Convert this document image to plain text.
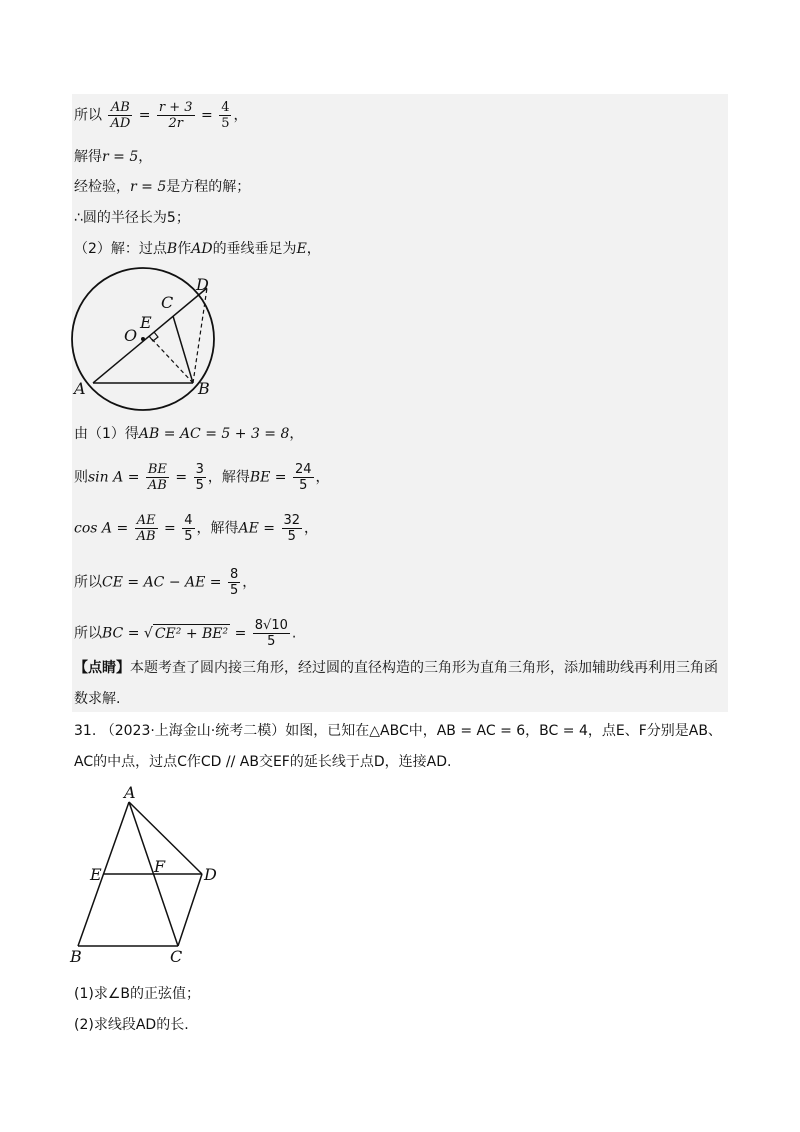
所以 $\frac{AB}{AD} = \frac{r + 3}{2r} = \frac{4}{5}$ ，
解得r = 5，
经检验，r = 5是方程的解；
∴圆的半径长为5；
（2）解：过点B作AD的垂线垂足为E，
A	B
C
D
E
O
由（1）得AB = AC = 5 + 3 = 8，
则$\sin A = \frac{BE}{AB} = \frac{3}{5}$ ，解得BE = $\frac{24}{5}$ ，
$\cos A = \frac{AE}{AB} = \frac{4}{5}$ ，解得AE = $\frac{32}{5}$ ，
所以CE = AC − AE = $\frac{8}{5}$ ，
所以BC = √ $CE^2 + BE^2 = \frac{8√10}{5}$ .
【点睛】本题考查了圆内接三角形，经过圆的直径构造的三角形为直角三角形，添加辅助线再利用三角函
数求解.
31. （2023·上海金山·统考二模）如图，已知在△ABC中，AB = AC = 6，BC = 4，点E、F分别是AB、
AC的中点，过点C作CD // AB交EF的延长线于点D，连接AD.
A
B	C
D
E	F
(1)求∠B的正弦值；
(2)求线段AD的长.
